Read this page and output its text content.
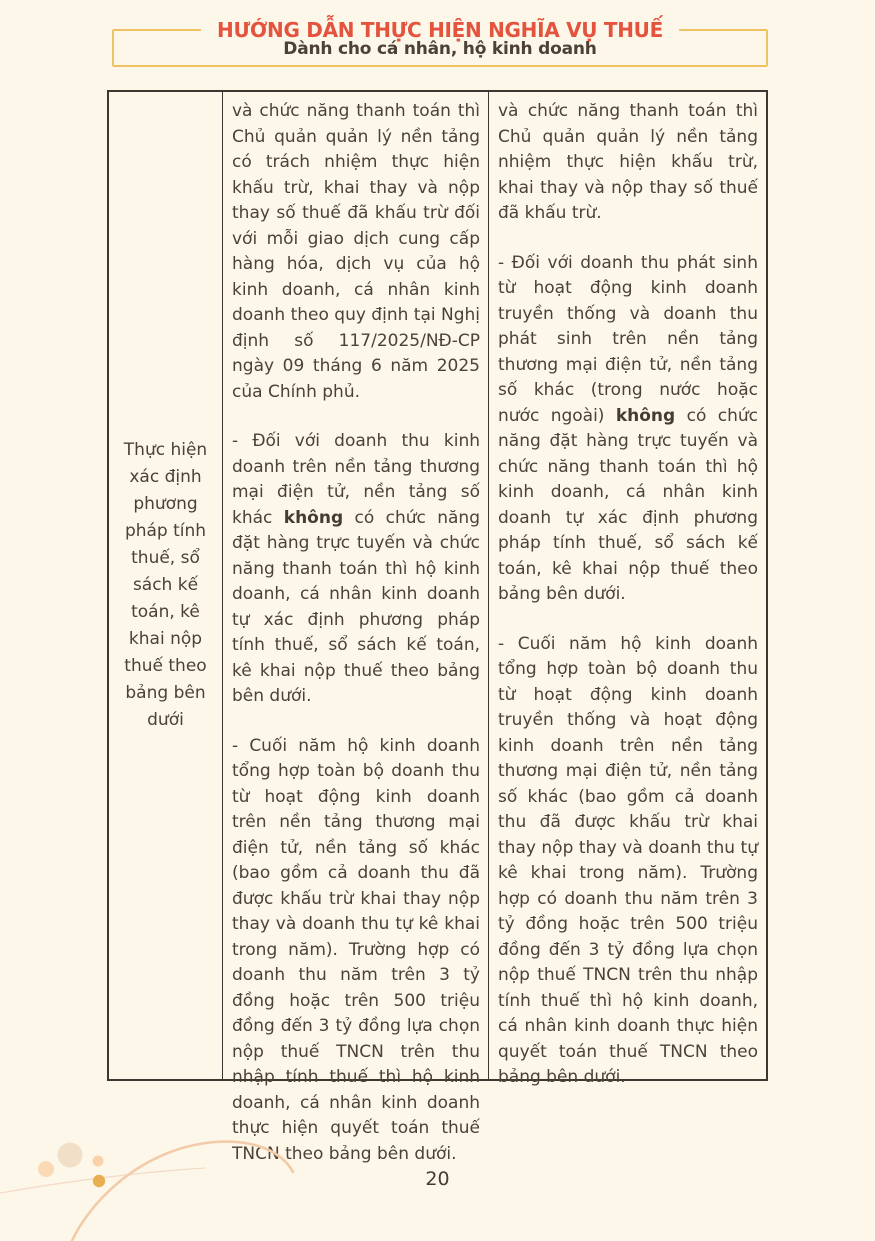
HƯỚNG DẪN THỰC HIỆN NGHĨA VỤ THUẾ
Dành cho cá nhân, hộ kinh doanh
Thực hiện xác định phương pháp tính thuế, sổ sách kế toán, kê khai nộp thuế theo bảng bên dưới

và chức năng thanh toán thì Chủ quản quản lý nền tảng có trách nhiệm thực hiện khấu trừ, khai thay và nộp thay số thuế đã khấu trừ đối với mỗi giao dịch cung cấp hàng hóa, dịch vụ của hộ kinh doanh, cá nhân kinh doanh theo quy định tại Nghị định số 117/2025/NĐ-CP ngày 09 tháng 6 năm 2025 của Chính phủ.

- Đối với doanh thu kinh doanh trên nền tảng thương mại điện tử, nền tảng số khác không có chức năng đặt hàng trực tuyến và chức năng thanh toán thì hộ kinh doanh, cá nhân kinh doanh tự xác định phương pháp tính thuế, sổ sách kế toán, kê khai nộp thuế theo bảng bên dưới.

- Cuối năm hộ kinh doanh tổng hợp toàn bộ doanh thu từ hoạt động kinh doanh trên nền tảng thương mại điện tử, nền tảng số khác (bao gồm cả doanh thu đã được khấu trừ khai thay nộp thay và doanh thu tự kê khai trong năm). Trường hợp có doanh thu năm trên 3 tỷ đồng hoặc trên 500 triệu đồng đến 3 tỷ đồng lựa chọn nộp thuế TNCN trên thu nhập tính thuế thì hộ kinh doanh, cá nhân kinh doanh thực hiện quyết toán thuế TNCN theo bảng bên dưới.

và chức năng thanh toán thì Chủ quản quản lý nền tảng nhiệm thực hiện khấu trừ, khai thay và nộp thay số thuế đã khấu trừ.

- Đối với doanh thu phát sinh từ hoạt động kinh doanh truyền thống và doanh thu phát sinh trên nền tảng thương mại điện tử, nền tảng số khác (trong nước hoặc nước ngoài) không có chức năng đặt hàng trực tuyến và chức năng thanh toán thì hộ kinh doanh, cá nhân kinh doanh tự xác định phương pháp tính thuế, sổ sách kế toán, kê khai nộp thuế theo bảng bên dưới.

- Cuối năm hộ kinh doanh tổng hợp toàn bộ doanh thu từ hoạt động kinh doanh truyền thống và hoạt động kinh doanh trên nền tảng thương mại điện tử, nền tảng số khác (bao gồm cả doanh thu đã được khấu trừ khai thay nộp thay và doanh thu tự kê khai trong năm). Trường hợp có doanh thu năm trên 3 tỷ đồng hoặc trên 500 triệu đồng đến 3 tỷ đồng lựa chọn nộp thuế TNCN trên thu nhập tính thuế thì hộ kinh doanh, cá nhân kinh doanh thực hiện quyết toán thuế TNCN theo bảng bên dưới.

20
